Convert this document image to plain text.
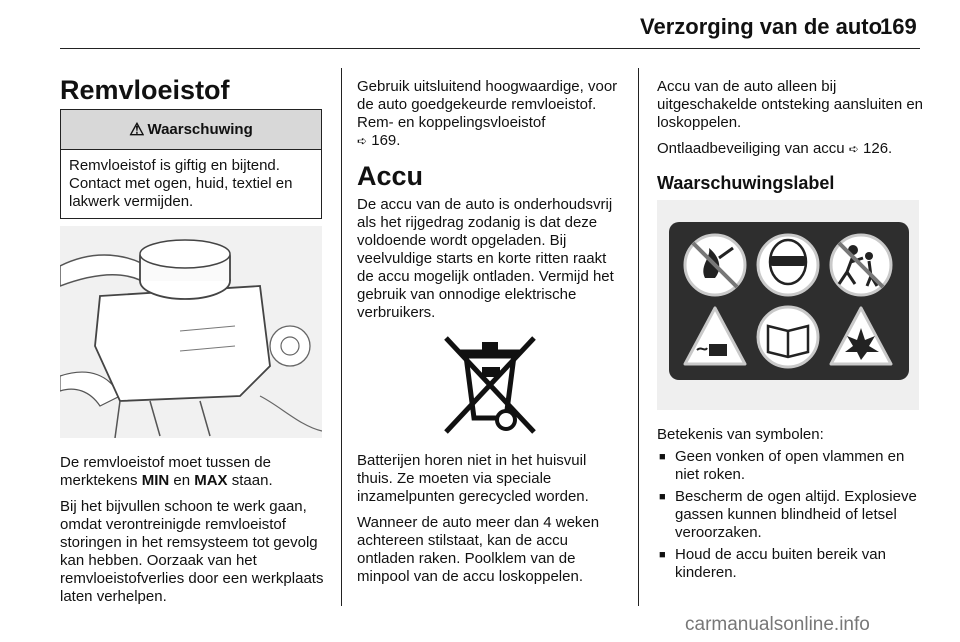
Verzorging van de auto
169
Remvloeistof
⚠ Waarschuwing
Remvloeistof is giftig en bijtend. Contact met ogen, huid, textiel en lakwerk vermijden.

De remvloeistof moet tussen de merktekens MIN en MAX staan.

Bij het bijvullen schoon te werk gaan, omdat verontreinigde remvloeistof storingen in het remsysteem tot gevolg kan hebben. Oorzaak van het remvloeistofverlies door een werkplaats laten verhelpen.

Gebruik uitsluitend hoogwaardige, voor de auto goedgekeurde remvloeistof. Rem- en koppelingsvloeistof
➪ 169.

Accu

De accu van de auto is onderhoudsvrij als het rijgedrag zodanig is dat deze voldoende wordt opgeladen. Bij veelvuldige starts en korte ritten raakt de accu mogelijk ontladen. Vermijd het gebruik van onnodige elektrische verbruikers.

Batterijen horen niet in het huisvuil thuis. Ze moeten via speciale inzamelpunten gerecycled worden.

Wanneer de auto meer dan 4 weken achtereen stilstaat, kan de accu ontladen raken. Poolklem van de minpool van de accu loskoppelen.

Accu van de auto alleen bij uitgeschakelde ontsteking aansluiten en loskoppelen.

Ontlaadbeveiliging van accu ➪ 126.

Waarschuwingslabel

Betekenis van symbolen:

■ Geen vonken of open vlammen en niet roken.
■ Bescherm de ogen altijd. Explosieve gassen kunnen blindheid of letsel veroorzaken.
■ Houd de accu buiten bereik van kinderen.
carmanualsonline.info
